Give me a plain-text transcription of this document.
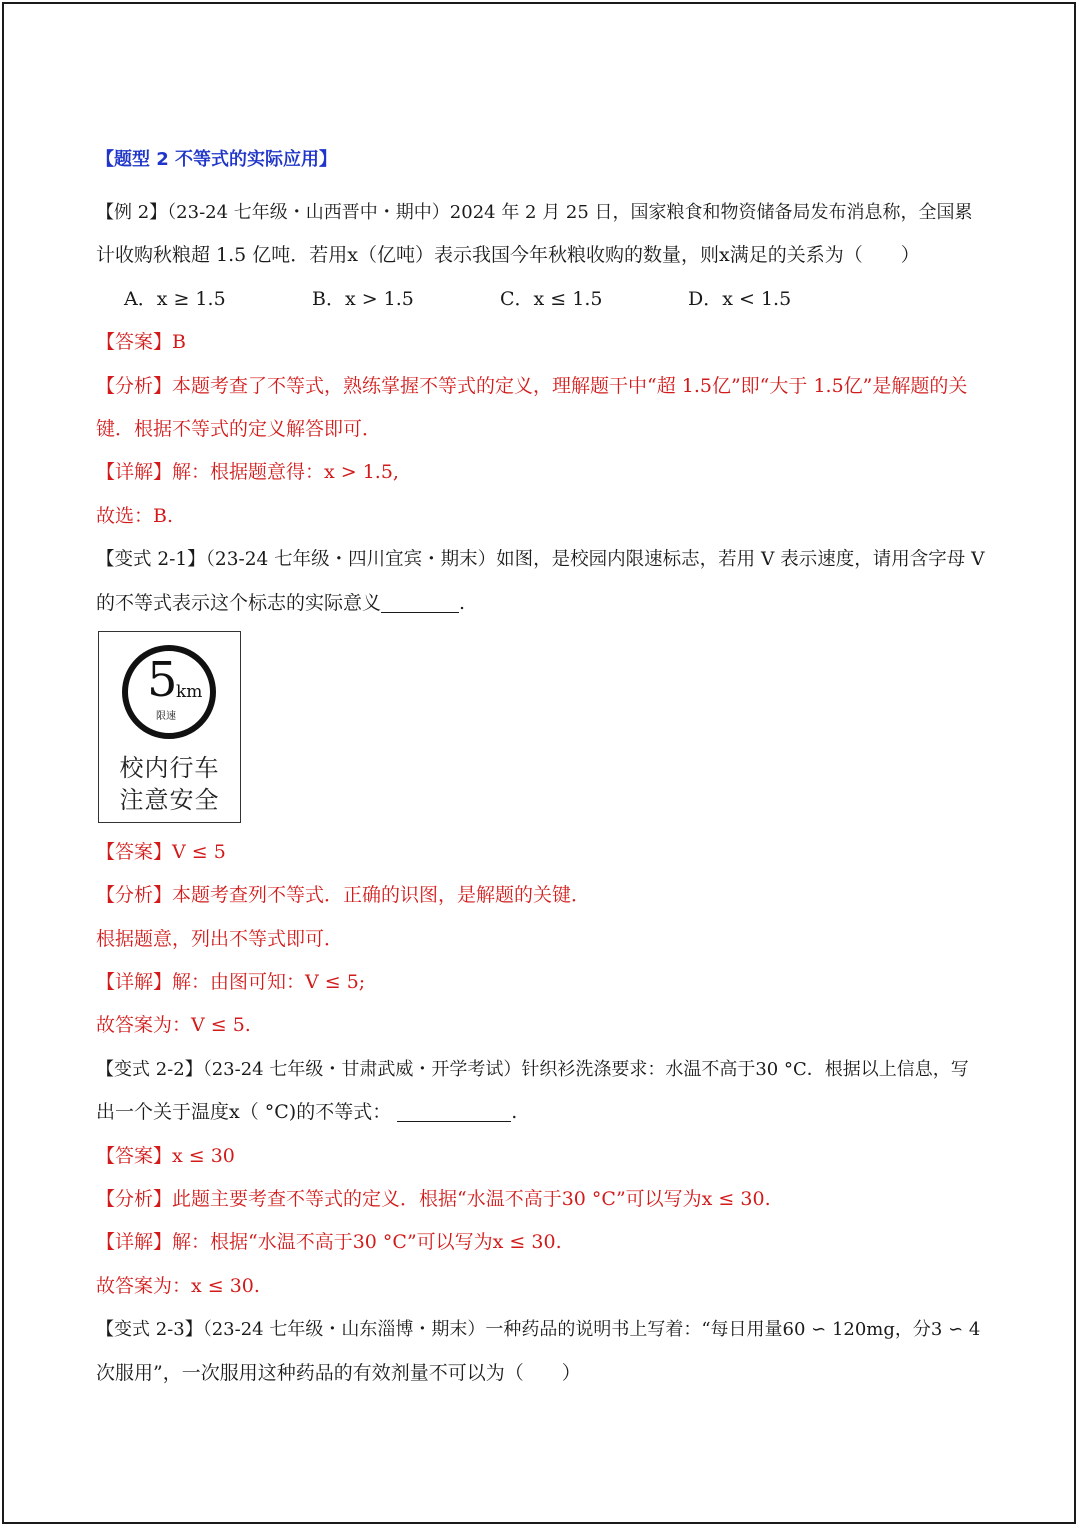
【题型 2 不等式的实际应用】
【例 2】（23-24 七年级・山西晋中・期中）2024 年 2 月 25 日，国家粮食和物资储备局发布消息称，全国累
计收购秋粮超 1.5 亿吨．若用x（亿吨）表示我国今年秋粮收购的数量，则x满足的关系为（　　）
A．x ≥ 1.5	B．x > 1.5	C．x ≤ 1.5	D．x < 1.5
【答案】B
【分析】本题考查了不等式，熟练掌握不等式的定义，理解题干中“超 1.5亿”即“大于 1.5亿”是解题的关
键．根据不等式的定义解答即可．
【详解】解：根据题意得：x > 1.5,
故选：B.
【变式 2-1】（23-24 七年级・四川宜宾・期末）如图，是校园内限速标志，若用 V 表示速度，请用含字母 V
的不等式表示这个标志的实际意义	.
5
km
限速
校内行车
注意安全
【答案】V ≤ 5
【分析】本题考查列不等式．正确的识图，是解题的关键．
根据题意，列出不等式即可．
【详解】解：由图可知：V ≤ 5;
故答案为：V ≤ 5.
【变式 2-2】（23-24 七年级・甘肃武威・开学考试）针织衫洗涤要求：水温不高于30 °C．根据以上信息，写
出一个关于温度x（ °C)的不等式：	.
【答案】x ≤ 30
【分析】此题主要考查不等式的定义．根据“水温不高于30 °C”可以写为x ≤ 30.
【详解】解：根据“水温不高于30 °C”可以写为x ≤ 30.
故答案为：x ≤ 30.
【变式 2-3】（23-24 七年级・山东淄博・期末）一种药品的说明书上写着：“每日用量60 ∽ 120mg，分3 ∽ 4
次服用”，一次服用这种药品的有效剂量不可以为（　　）
